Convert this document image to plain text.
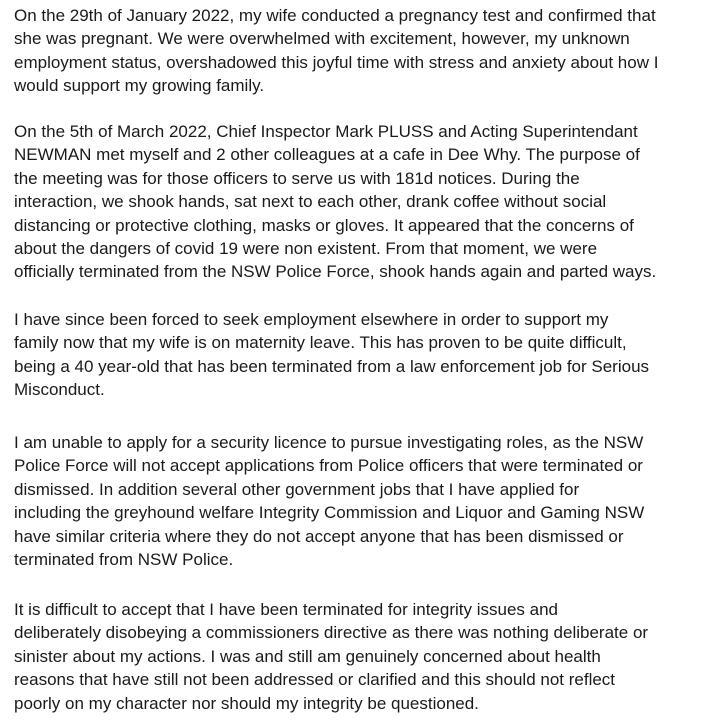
On the 29th of January 2022, my wife conducted a pregnancy test and confirmed that
she was pregnant. We were overwhelmed with excitement, however, my unknown
employment status, overshadowed this joyful time with stress and anxiety about how I
would support my growing family.

On the 5th of March 2022, Chief Inspector Mark PLUSS and Acting Superintendant
NEWMAN met myself and 2 other colleagues at a cafe in Dee Why. The purpose of
the meeting was for those officers to serve us with 181d notices. During the
interaction, we shook hands, sat next to each other, drank coffee without social
distancing or protective clothing, masks or gloves. It appeared that the concerns of
about the dangers of covid 19 were non existent. From that moment, we were
officially terminated from the NSW Police Force, shook hands again and parted ways.

I have since been forced to seek employment elsewhere in order to support my
family now that my wife is on maternity leave. This has proven to be quite difficult,
being a 40 year-old that has been terminated from a law enforcement job for Serious
Misconduct.

I am unable to apply for a security licence to pursue investigating roles, as the NSW
Police Force will not accept applications from Police officers that were terminated or
dismissed. In addition several other government jobs that I have applied for
including the greyhound welfare Integrity Commission and Liquor and Gaming NSW
have similar criteria where they do not accept anyone that has been dismissed or
terminated from NSW Police.

It is difficult to accept that I have been terminated for integrity issues and
deliberately disobeying a commissioners directive as there was nothing deliberate or
sinister about my actions. I was and still am genuinely concerned about health
reasons that have still not been addressed or clarified and this should not reflect
poorly on my character nor should my integrity be questioned.
